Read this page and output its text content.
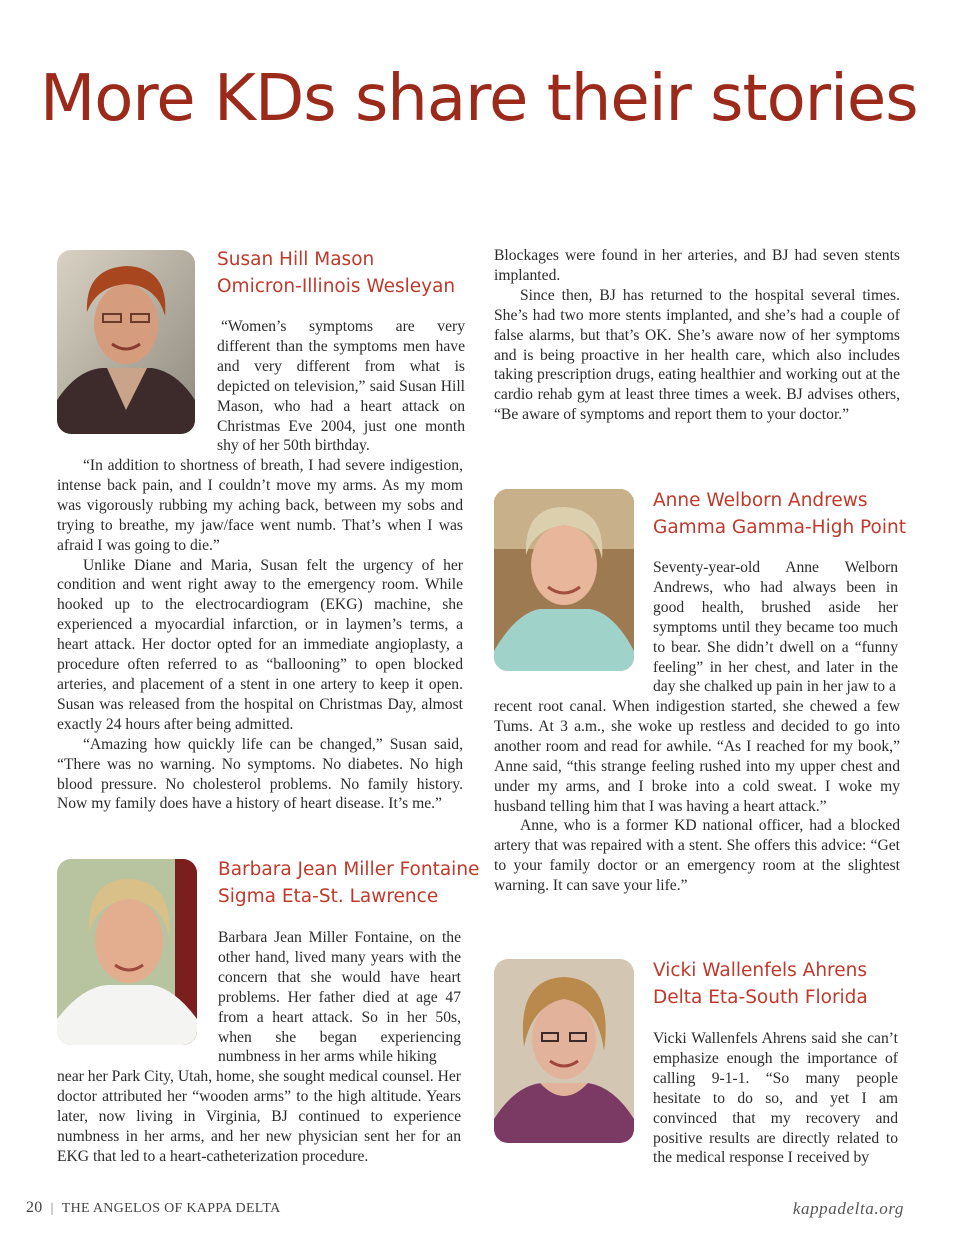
More KDs share their stories
Susan Hill Mason
Omicron-Illinois Wesleyan

“Women’s symptoms are very different than the symptoms men have and very different from what is depicted on television,” said Susan Hill Mason, who had a heart attack on Christmas Eve 2004, just one month shy of her 50th birthday.

“In addition to shortness of breath, I had severe indigestion, intense back pain, and I couldn’t move my arms. As my mom was vigorously rubbing my aching back, between my sobs and trying to breathe, my jaw/face went numb. That’s when I was afraid I was going to die.”

Unlike Diane and Maria, Susan felt the urgency of her condition and went right away to the emergency room. While hooked up to the electrocardiogram (EKG) machine, she experienced a myocardial infarction, or in laymen’s terms, a heart attack. Her doctor opted for an immediate angioplasty, a procedure often referred to as “ballooning” to open blocked arteries, and placement of a stent in one artery to keep it open. Susan was released from the hospital on Christmas Day, almost exactly 24 hours after being admitted.

“Amazing how quickly life can be changed,” Susan said, “There was no warning. No symptoms. No diabetes. No high blood pressure. No cholesterol problems. No family history. Now my family does have a history of heart disease. It’s me.”

Barbara Jean Miller Fontaine
Sigma Eta-St. Lawrence

Barbara Jean Miller Fontaine, on the other hand, lived many years with the concern that she would have heart problems. Her father died at age 47 from a heart attack. So in her 50s, when she began experiencing numbness in her arms while hiking

near her Park City, Utah, home, she sought medical counsel. Her doctor attributed her “wooden arms” to the high altitude. Years later, now living in Virginia, BJ continued to experience numbness in her arms, and her new physician sent her for an EKG that led to a heart-catheterization procedure.

Blockages were found in her arteries, and BJ had seven stents implanted.

Since then, BJ has returned to the hospital several times. She’s had two more stents implanted, and she’s had a couple of false alarms, but that’s OK. She’s aware now of her symptoms and is being proactive in her health care, which also includes taking prescription drugs, eating healthier and working out at the cardio rehab gym at least three times a week. BJ advises others, “Be aware of symptoms and report them to your doctor.”

Anne Welborn Andrews
Gamma Gamma-High Point

Seventy-year-old Anne Welborn Andrews, who had always been in good health, brushed aside her symptoms until they became too much to bear. She didn’t dwell on a “funny feeling” in her chest, and later in the day she chalked up pain in her jaw to a

recent root canal. When indigestion started, she chewed a few Tums. At 3 a.m., she woke up restless and decided to go into another room and read for awhile. “As I reached for my book,” Anne said, “this strange feeling rushed into my upper chest and under my arms, and I broke into a cold sweat. I woke my husband telling him that I was having a heart attack.”

Anne, who is a former KD national officer, had a blocked artery that was repaired with a stent. She offers this advice: “Get to your family doctor or an emergency room at the slightest warning. It can save your life.”

Vicki Wallenfels Ahrens
Delta Eta-South Florida

Vicki Wallenfels Ahrens said she can’t emphasize enough the importance of calling 9-1-1. “So many people hesitate to do so, and yet I am convinced that my recovery and positive results are directly related to the medical response I received by

20 | THE ANGELOS OF KAPPA DELTA	kappadelta.org
